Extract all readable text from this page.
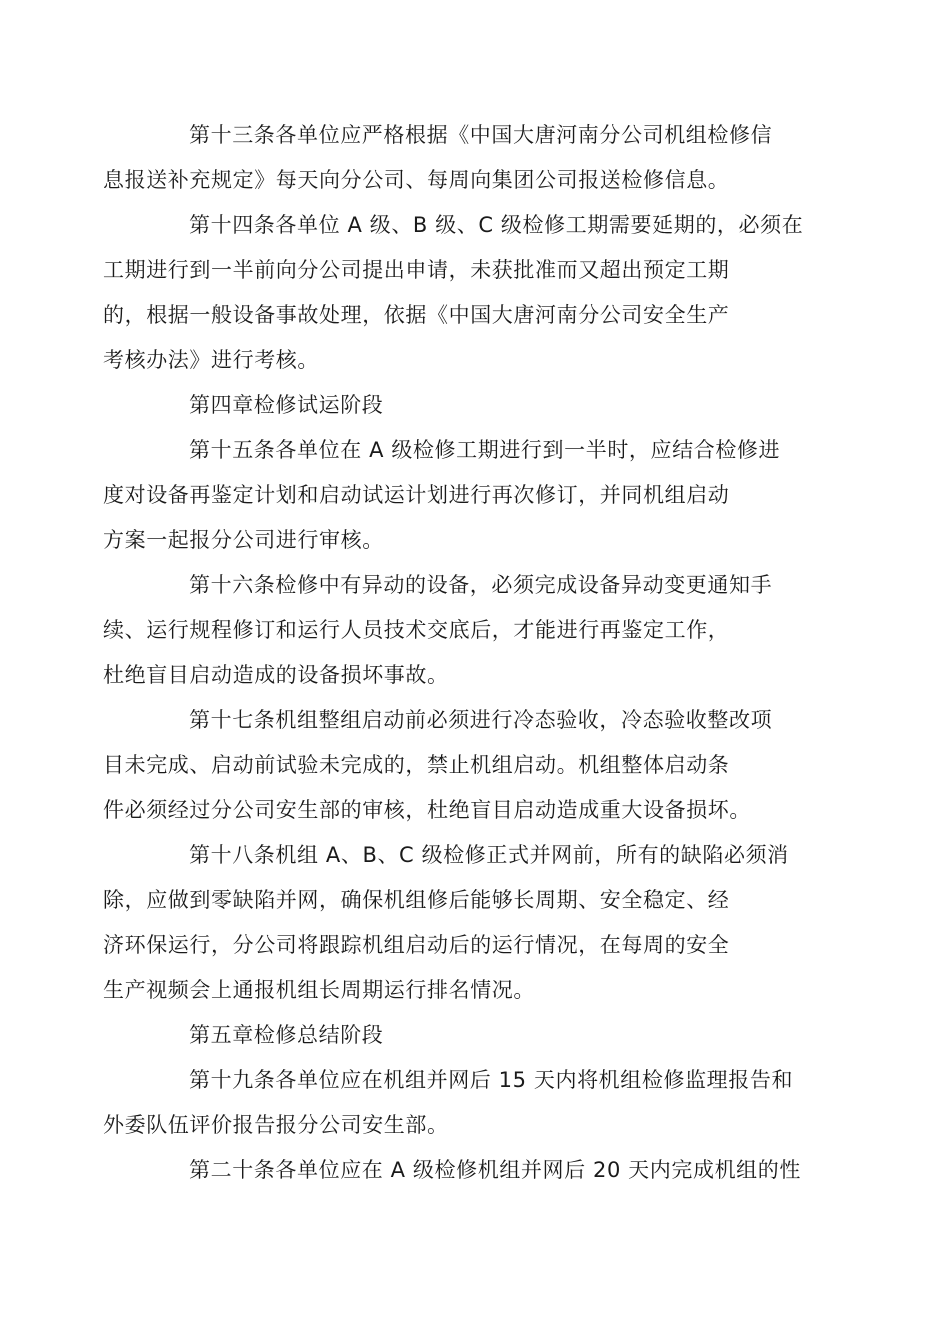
第十三条各单位应严格根据《中国大唐河南分公司机组检修信
息报送补充规定》每天向分公司、每周向集团公司报送检修信息。

第十四条各单位 A 级、B 级、C 级检修工期需要延期的，必须在
工期进行到一半前向分公司提出申请，未获批准而又超出预定工期
的，根据一般设备事故处理，依据《中国大唐河南分公司安全生产
考核办法》进行考核。

第四章检修试运阶段

第十五条各单位在 A 级检修工期进行到一半时，应结合检修进
度对设备再鉴定计划和启动试运计划进行再次修订，并同机组启动
方案一起报分公司进行审核。

第十六条检修中有异动的设备，必须完成设备异动变更通知手
续、运行规程修订和运行人员技术交底后，才能进行再鉴定工作，
杜绝盲目启动造成的设备损坏事故。

第十七条机组整组启动前必须进行冷态验收，冷态验收整改项
目未完成、启动前试验未完成的，禁止机组启动。机组整体启动条
件必须经过分公司安生部的审核，杜绝盲目启动造成重大设备损坏。

第十八条机组 A、B、C 级检修正式并网前，所有的缺陷必须消
除，应做到零缺陷并网，确保机组修后能够长周期、安全稳定、经
济环保运行，分公司将跟踪机组启动后的运行情况，在每周的安全
生产视频会上通报机组长周期运行排名情况。

第五章检修总结阶段

第十九条各单位应在机组并网后 15 天内将机组检修监理报告和
外委队伍评价报告报分公司安生部。

第二十条各单位应在 A 级检修机组并网后 20 天内完成机组的性
